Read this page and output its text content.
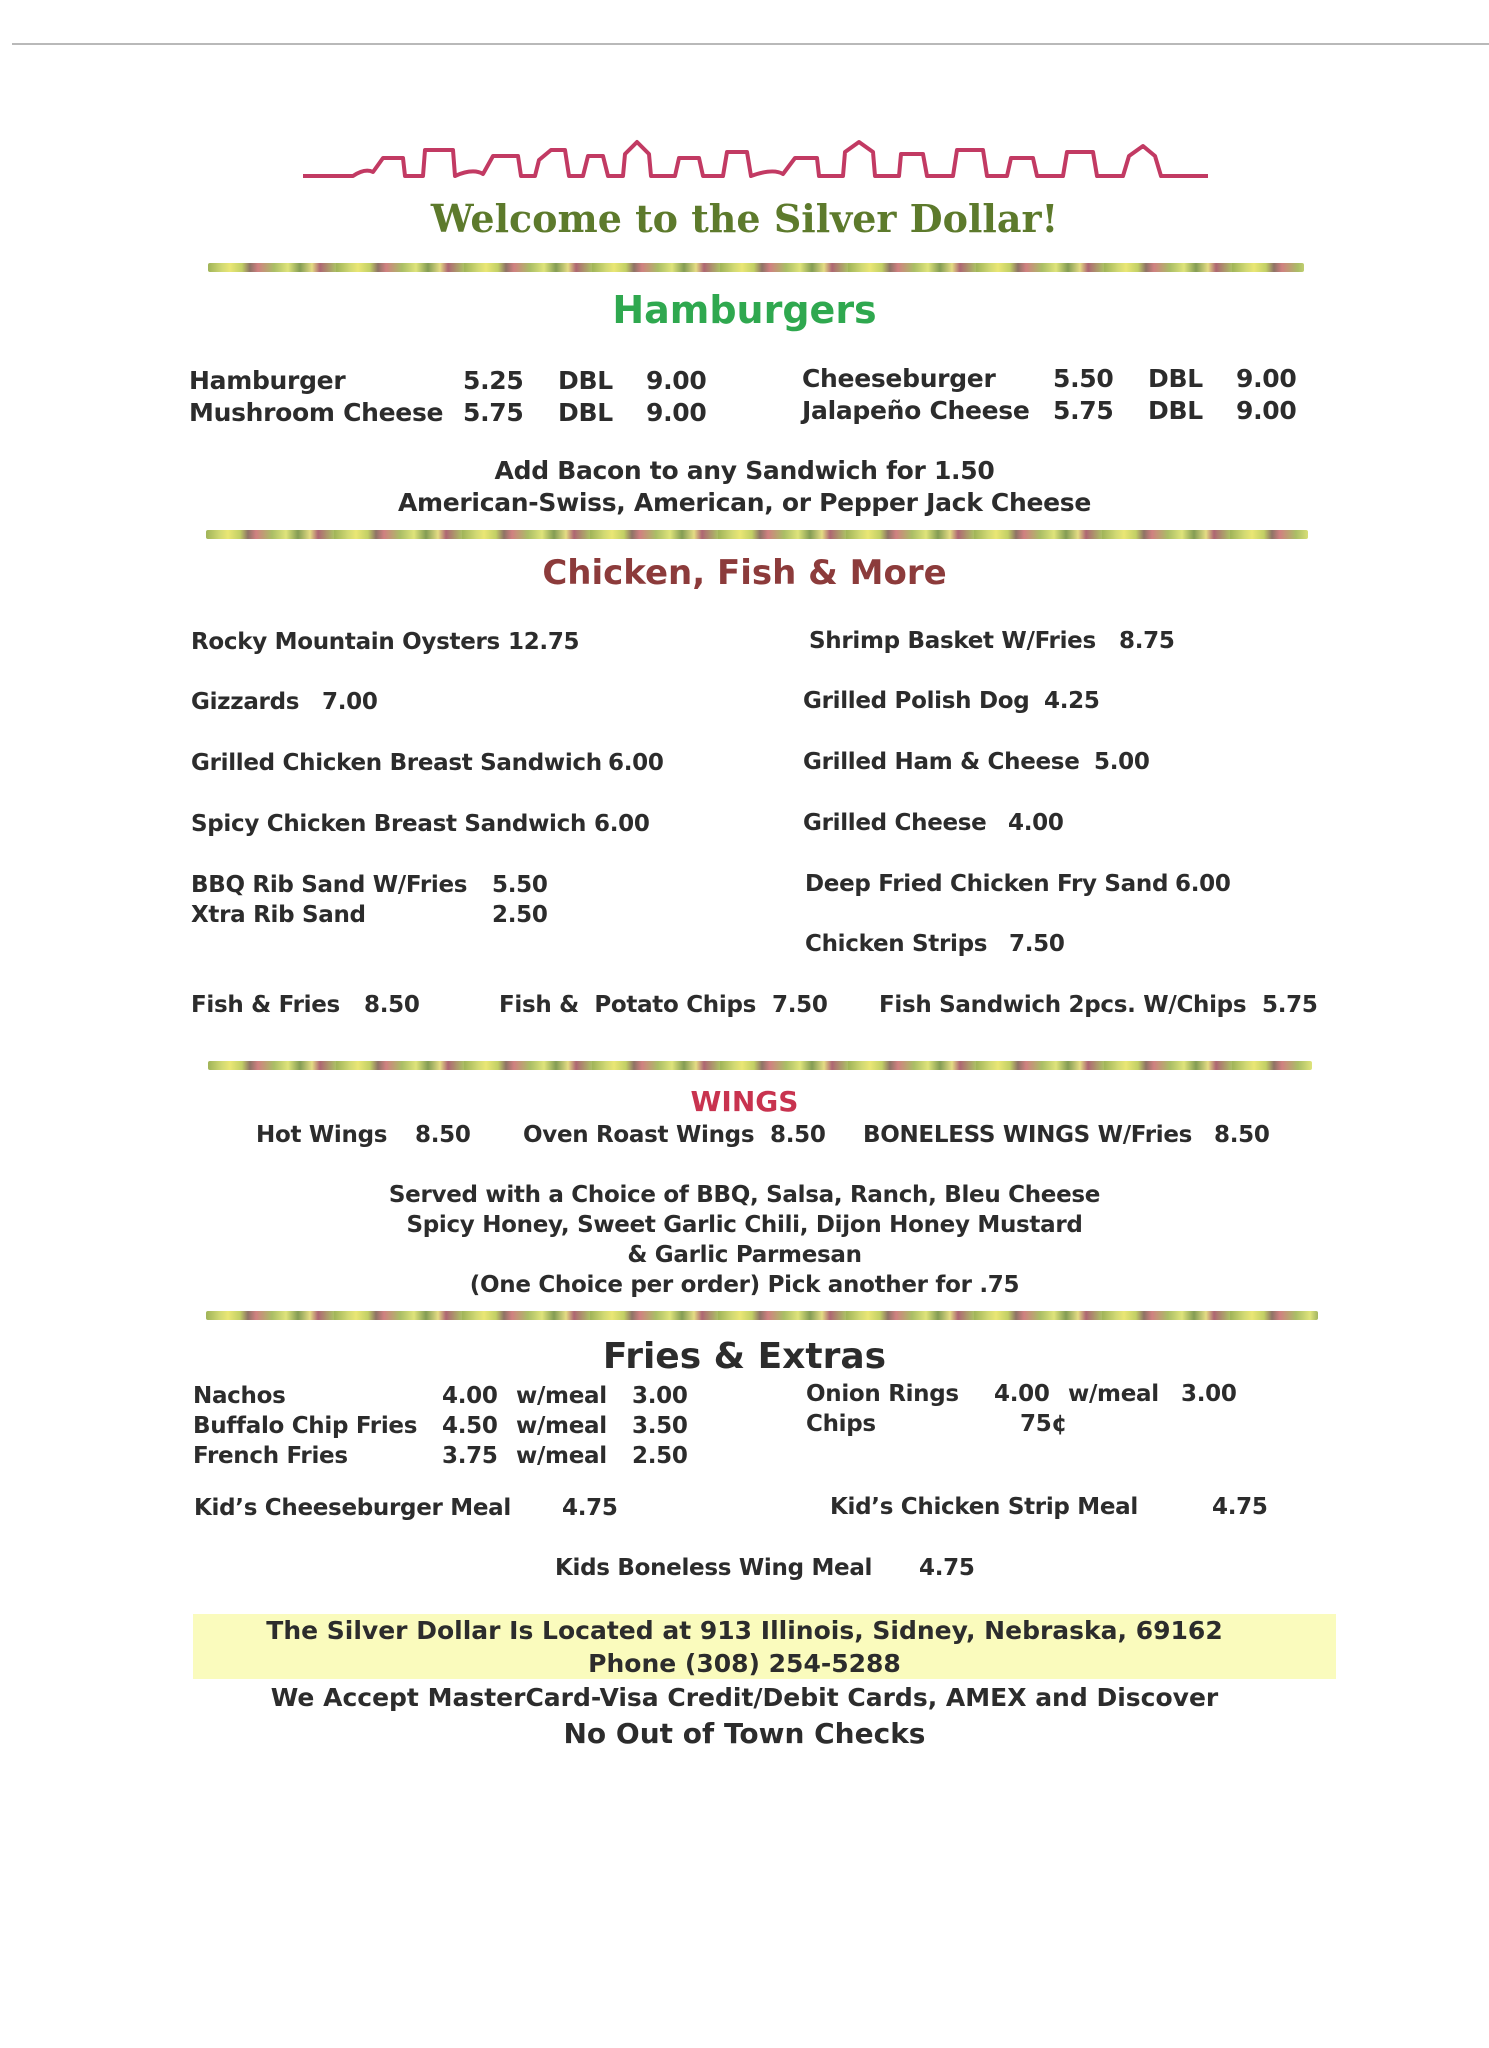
Welcome to the Silver Dollar!
Hamburgers
Hamburger	5.25 DBL 9.00
Mushroom Cheese 5.75 DBL 9.00
Cheeseburger 5.50 DBL 9.00
Jalapeño Cheese 5.75 DBL 9.00
Add Bacon to any Sandwich for 1.50
American-Swiss, American, or Pepper Jack Cheese
Chicken, Fish & More
Rocky Mountain Oysters 12.75
Gizzards 7.00
Grilled Chicken Breast Sandwich 6.00
Spicy Chicken Breast Sandwich 6.00
BBQ Rib Sand W/Fries 5.50
Xtra Rib Sand	2.50
Shrimp Basket W/Fries 8.75
Grilled Polish Dog 4.25
Grilled Ham & Cheese 5.00
Grilled Cheese 4.00
Deep Fried Chicken Fry Sand 6.00
Chicken Strips 7.50
Fish & Fries 8.50	Fish &  Potato Chips 7.50 Fish Sandwich 2pcs. W/Chips 5.75
WINGS
Hot Wings 8.50 Oven Roast Wings 8.50 BONELESS WINGS W/Fries 8.50
Served with a Choice of BBQ, Salsa, Ranch, Bleu Cheese
Spicy Honey, Sweet Garlic Chili, Dijon Honey Mustard
& Garlic Parmesan
(One Choice per order) Pick another for .75
Fries & Extras
Nachos	4.00 w/meal 3.00
Buffalo Chip Fries 4.50 w/meal 3.50
French Fries	3.75 w/meal 2.50
Onion Rings 4.00 w/meal 3.00
Chips	75¢
Kid’s Cheeseburger Meal 4.75	Kid’s Chicken Strip Meal	4.75
Kids Boneless Wing Meal 4.75
The Silver Dollar Is Located at 913 Illinois, Sidney, Nebraska, 69162
Phone (308) 254-5288
We Accept MasterCard-Visa Credit/Debit Cards, AMEX and Discover
No Out of Town Checks
